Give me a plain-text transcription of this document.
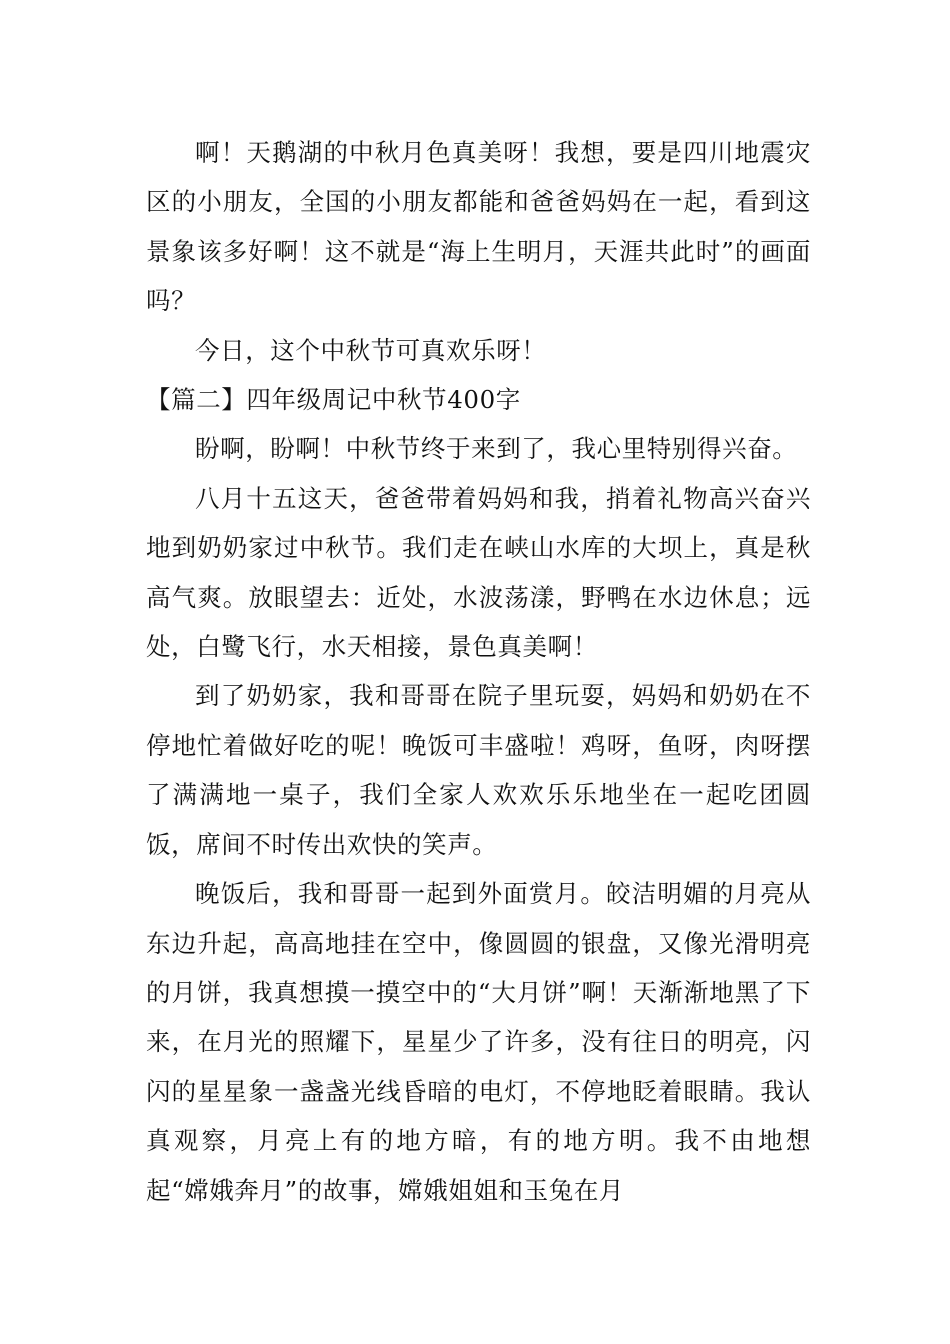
啊！天鹅湖的中秋月色真美呀！我想，要是四川地震灾区的小朋友，全国的小朋友都能和爸爸妈妈在一起，看到这景象该多好啊！这不就是“海上生明月，天涯共此时”的画面吗？

今日，这个中秋节可真欢乐呀！

【篇二】四年级周记中秋节400字

盼啊，盼啊！中秋节终于来到了，我心里特别得兴奋。

八月十五这天，爸爸带着妈妈和我，捎着礼物高兴奋兴地到奶奶家过中秋节。我们走在峡山水库的大坝上，真是秋高气爽。放眼望去：近处，水波荡漾，野鸭在水边休息；远处，白鹭飞行，水天相接，景色真美啊！

到了奶奶家，我和哥哥在院子里玩耍，妈妈和奶奶在不停地忙着做好吃的呢！晚饭可丰盛啦！鸡呀，鱼呀，肉呀摆了满满地一桌子，我们全家人欢欢乐乐地坐在一起吃团圆饭，席间不时传出欢快的笑声。

晚饭后，我和哥哥一起到外面赏月。皎洁明媚的月亮从东边升起，高高地挂在空中，像圆圆的银盘，又像光滑明亮的月饼，我真想摸一摸空中的“大月饼”啊！天渐渐地黑了下来，在月光的照耀下，星星少了许多，没有往日的明亮，闪闪的星星象一盏盏光线昏暗的电灯，不停地眨着眼睛。我认真观察，月亮上有的地方暗，有的地方明。我不由地想起“嫦娥奔月”的故事，嫦娥姐姐和玉兔在月
